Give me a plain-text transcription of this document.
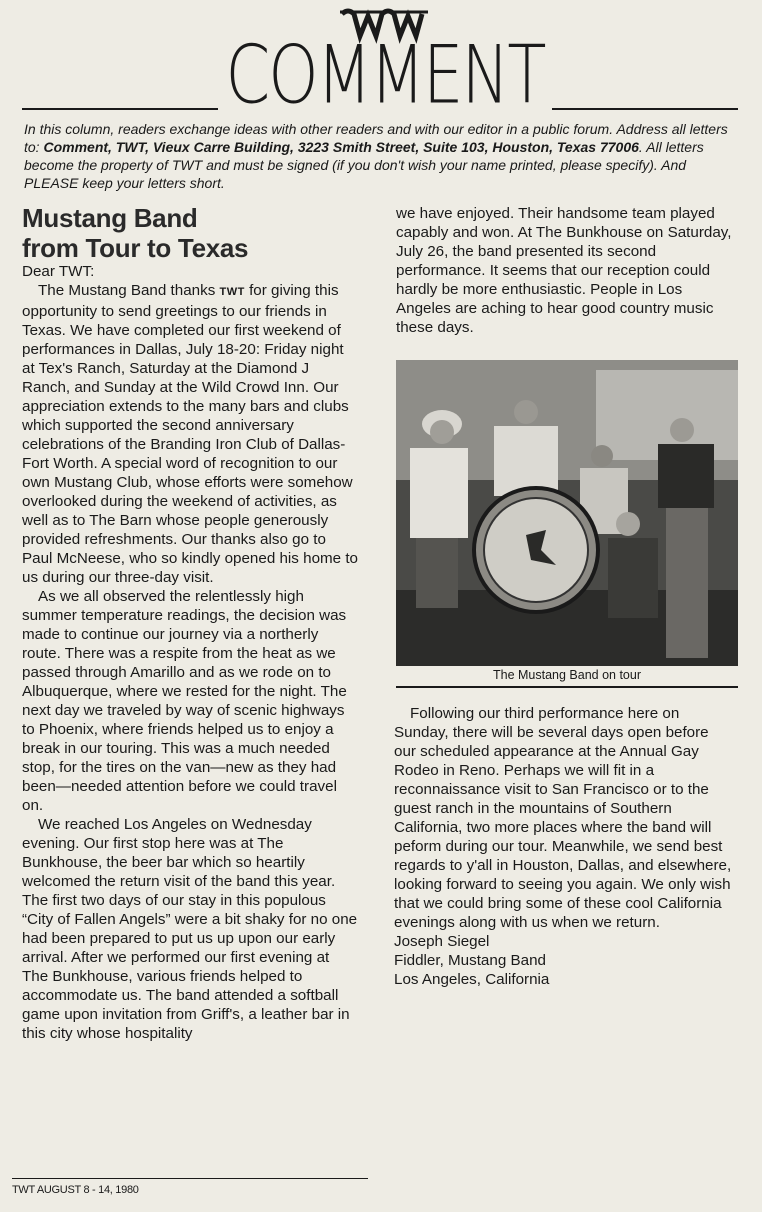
COMMENT
In this column, readers exchange ideas with other readers and with our editor in a public forum. Address all letters to: Comment, TWT, Vieux Carre Building, 3223 Smith Street, Suite 103, Houston, Texas 77006. All letters become the property of TWT and must be signed (if you don't wish your name printed, please specify). And PLEASE keep your letters short.
Mustang Band
from Tour to Texas

Dear TWT:

The Mustang Band thanks TWT for giving this opportunity to send greetings to our friends in Texas. We have completed our first weekend of performances in Dallas, July 18-20: Friday night at Tex's Ranch, Saturday at the Diamond J Ranch, and Sunday at the Wild Crowd Inn. Our appreciation extends to the many bars and clubs which supported the second anniversary celebrations of the Branding Iron Club of Dallas-Fort Worth. A special word of recognition to our own Mustang Club, whose efforts were somehow overlooked during the weekend of activities, as well as to The Barn whose people generously provided refreshments. Our thanks also go to Paul McNeese, who so kindly opened his home to us during our three-day visit.

As we all observed the relentlessly high summer temperature readings, the decision was made to continue our journey via a northerly route. There was a respite from the heat as we passed through Amarillo and as we rode on to Albuquerque, where we rested for the night. The next day we traveled by way of scenic highways to Phoenix, where friends helped us to enjoy a break in our touring. This was a much needed stop, for the tires on the van—new as they had been—needed attention before we could travel on.

We reached Los Angeles on Wednesday evening. Our first stop here was at The Bunkhouse, the beer bar which so heartily welcomed the return visit of the band this year. The first two days of our stay in this populous “City of Fallen Angels” were a bit shaky for no one had been prepared to put us up upon our early arrival. After we performed our first evening at The Bunkhouse, various friends helped to accommodate us. The band attended a softball game upon invitation from Griff's, a leather bar in this city whose hospitality

we have enjoyed. Their handsome team played capably and won. At The Bunkhouse on Saturday, July 26, the band presented its second performance. It seems that our reception could hardly be more enthusiastic. People in Los Angeles are aching to hear good country music these days.

The Mustang Band on tour

Following our third performance here on Sunday, there will be several days open before our scheduled appearance at the Annual Gay Rodeo in Reno. Perhaps we will fit in a reconnaissance visit to San Francisco or to the guest ranch in the mountains of Southern California, two more places where the band will peform during our tour. Meanwhile, we send best regards to y'all in Houston, Dallas, and elsewhere, looking forward to seeing you again. We only wish that we could bring some of these cool California evenings along with us when we return.

Joseph Siegel

Fiddler, Mustang Band

Los Angeles, California

TWT AUGUST 8 - 14, 1980
